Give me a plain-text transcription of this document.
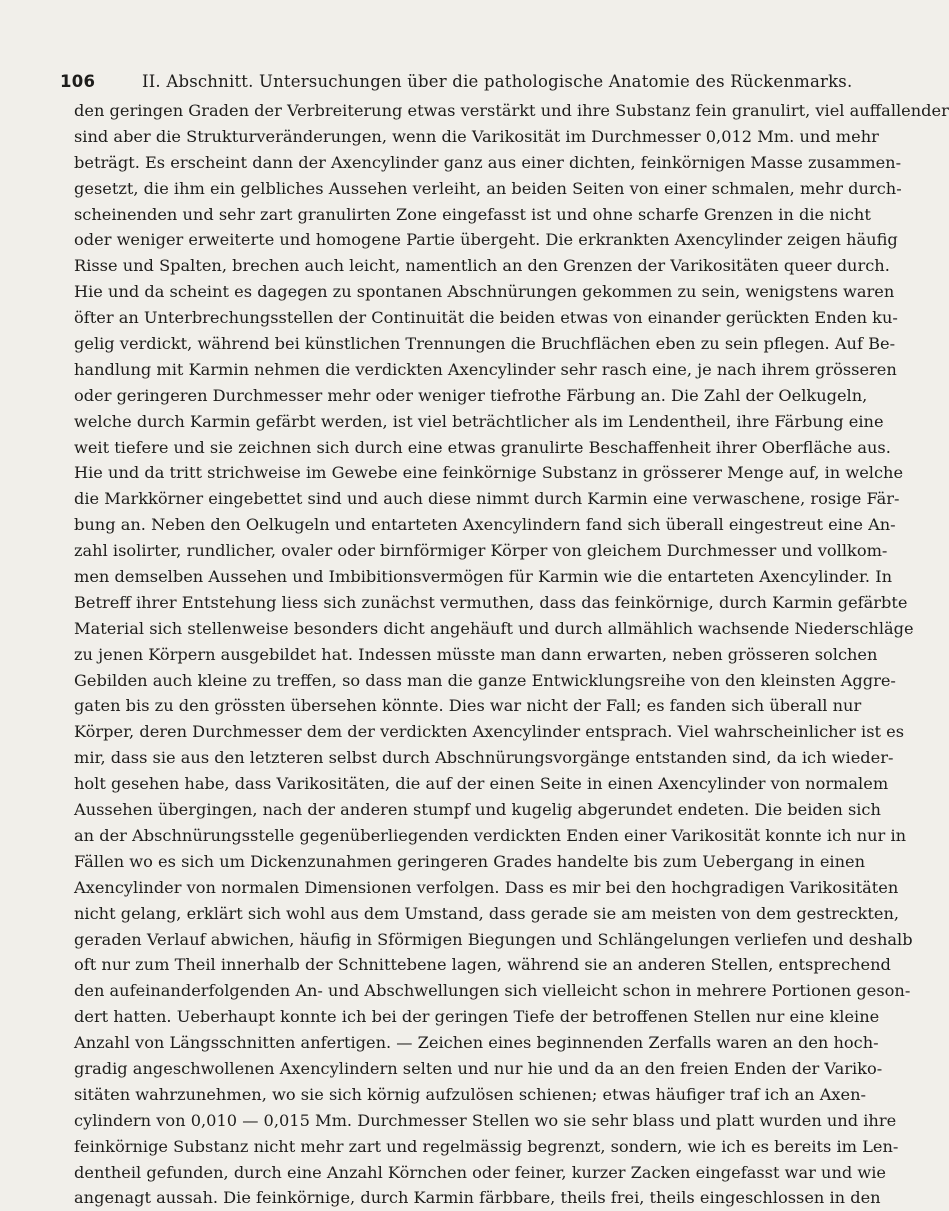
106	II. Abschnitt. Untersuchungen über die pathologische Anatomie des Rückenmarks.
den geringen Graden der Verbreiterung etwas verstärkt und ihre Substanz fein granulirt, viel auffallender
sind aber die Strukturveränderungen, wenn die Varikosität im Durchmesser 0,012 Mm. und mehr
beträgt. Es erscheint dann der Axencylinder ganz aus einer dichten, feinkörnigen Masse zusammen-
gesetzt, die ihm ein gelbliches Aussehen verleiht, an beiden Seiten von einer schmalen, mehr durch-
scheinenden und sehr zart granulirten Zone eingefasst ist und ohne scharfe Grenzen in die nicht
oder weniger erweiterte und homogene Partie übergeht. Die erkrankten Axencylinder zeigen häufig
Risse und Spalten, brechen auch leicht, namentlich an den Grenzen der Varikositäten queer durch.
Hie und da scheint es dagegen zu spontanen Abschnürungen gekommen zu sein, wenigstens waren
öfter an Unterbrechungsstellen der Continuität die beiden etwas von einander gerückten Enden ku-
gelig verdickt, während bei künstlichen Trennungen die Bruchflächen eben zu sein pflegen. Auf Be-
handlung mit Karmin nehmen die verdickten Axencylinder sehr rasch eine, je nach ihrem grösseren
oder geringeren Durchmesser mehr oder weniger tiefrothe Färbung an. Die Zahl der Oelkugeln,
welche durch Karmin gefärbt werden, ist viel beträchtlicher als im Lendentheil, ihre Färbung eine
weit tiefere und sie zeichnen sich durch eine etwas granulirte Beschaffenheit ihrer Oberfläche aus.
Hie und da tritt strichweise im Gewebe eine feinkörnige Substanz in grösserer Menge auf, in welche
die Markkörner eingebettet sind und auch diese nimmt durch Karmin eine verwaschene, rosige Fär-
bung an. Neben den Oelkugeln und entarteten Axencylindern fand sich überall eingestreut eine An-
zahl isolirter, rundlicher, ovaler oder birnförmiger Körper von gleichem Durchmesser und vollkom-
men demselben Aussehen und Imbibitionsvermögen für Karmin wie die entarteten Axencylinder. In
Betreff ihrer Entstehung liess sich zunächst vermuthen, dass das feinkörnige, durch Karmin gefärbte
Material sich stellenweise besonders dicht angehäuft und durch allmählich wachsende Niederschläge
zu jenen Körpern ausgebildet hat. Indessen müsste man dann erwarten, neben grösseren solchen
Gebilden auch kleine zu treffen, so dass man die ganze Entwicklungsreihe von den kleinsten Aggre-
gaten bis zu den grössten übersehen könnte. Dies war nicht der Fall; es fanden sich überall nur
Körper, deren Durchmesser dem der verdickten Axencylinder entsprach. Viel wahrscheinlicher ist es
mir, dass sie aus den letzteren selbst durch Abschnürungsvorgänge entstanden sind, da ich wieder-
holt gesehen habe, dass Varikositäten, die auf der einen Seite in einen Axencylinder von normalem
Aussehen übergingen, nach der anderen stumpf und kugelig abgerundet endeten. Die beiden sich
an der Abschnürungsstelle gegenüberliegenden verdickten Enden einer Varikosität konnte ich nur in
Fällen wo es sich um Dickenzunahmen geringeren Grades handelte bis zum Uebergang in einen
Axencylinder von normalen Dimensionen verfolgen. Dass es mir bei den hochgradigen Varikositäten
nicht gelang, erklärt sich wohl aus dem Umstand, dass gerade sie am meisten von dem gestreckten,
geraden Verlauf abwichen, häufig in Sförmigen Biegungen und Schlängelungen verliefen und deshalb
oft nur zum Theil innerhalb der Schnittebene lagen, während sie an anderen Stellen, entsprechend
den aufeinanderfolgenden An- und Abschwellungen sich vielleicht schon in mehrere Portionen geson-
dert hatten. Ueberhaupt konnte ich bei der geringen Tiefe der betroffenen Stellen nur eine kleine
Anzahl von Längsschnitten anfertigen. — Zeichen eines beginnenden Zerfalls waren an den hoch-
gradig angeschwollenen Axencylindern selten und nur hie und da an den freien Enden der Variko-
sitäten wahrzunehmen, wo sie sich körnig aufzulösen schienen; etwas häufiger traf ich an Axen-
cylindern von 0,010 — 0,015 Mm. Durchmesser Stellen wo sie sehr blass und platt wurden und ihre
feinkörnige Substanz nicht mehr zart und regelmässig begrenzt, sondern, wie ich es bereits im Len-
dentheil gefunden, durch eine Anzahl Körnchen oder feiner, kurzer Zacken eingefasst war und wie
angenagt aussah. Die feinkörnige, durch Karmin färbbare, theils frei, theils eingeschlossen in den
